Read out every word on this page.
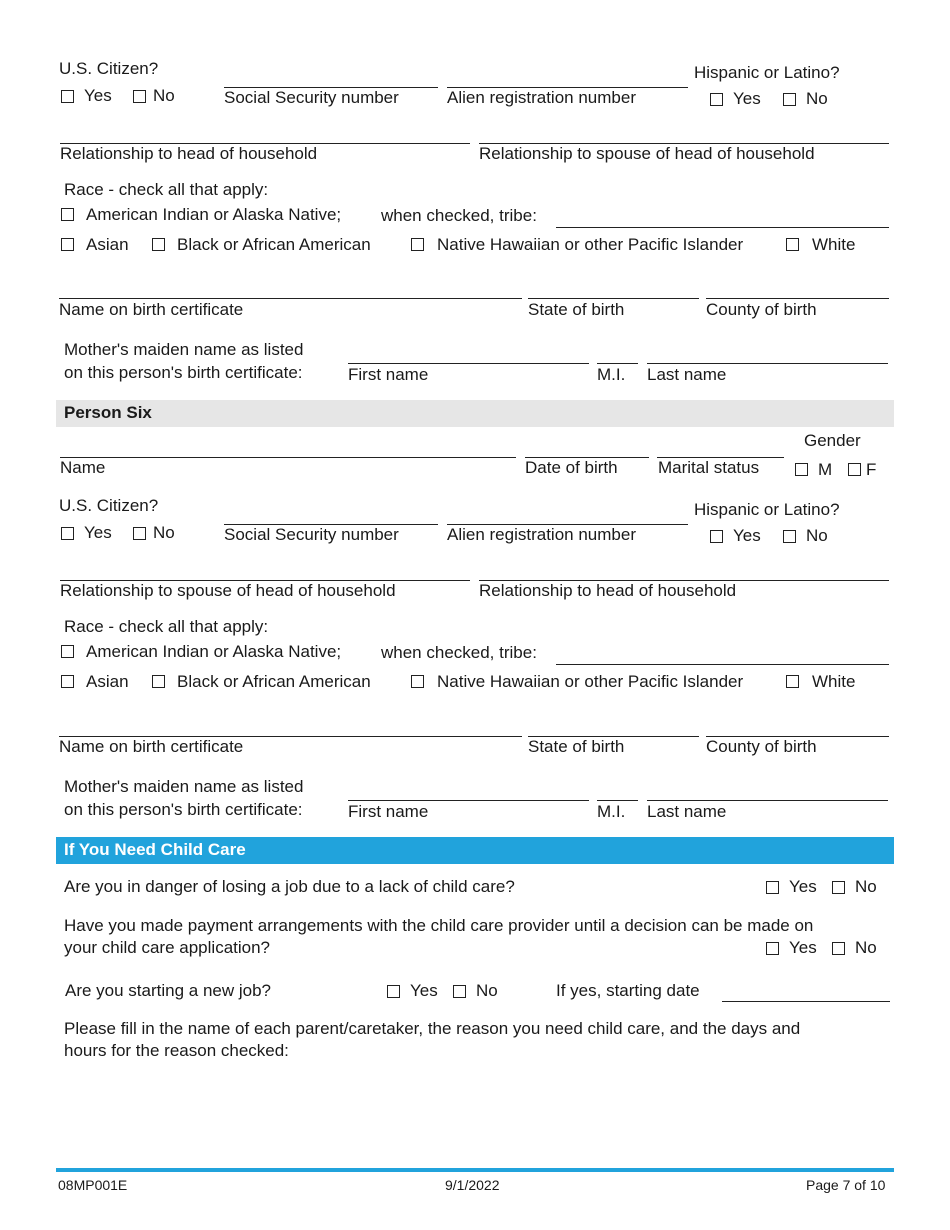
U.S. Citizen?
Yes No	Social Security number	Alien registration number
Hispanic or Latino?
Yes	No
Relationship to head of household	Relationship to spouse of head of household
Race - check all that apply:
American Indian or Alaska Native; when checked, tribe:
Asian	Black or African American	Native Hawaiian or other Pacific Islander	White
Name on birth certificate	State of birth	County of birth
Mother's maiden name as listed
on this person's birth certificate:	First name	M.I. Last name
Person Six
Gender
Name	Date of birth Marital status	M F
U.S. Citizen?
Yes No	Social Security number	Alien registration number
Hispanic or Latino?
Yes	No
Relationship to spouse of head of household	Relationship to head of household
Race - check all that apply:
American Indian or Alaska Native; when checked, tribe:
Asian	Black or African American	Native Hawaiian or other Pacific Islander	White
Name on birth certificate	State of birth	County of birth
Mother's maiden name as listed
on this person's birth certificate:	First name	M.I. Last name
If You Need Child Care
Are you in danger of losing a job due to a lack of child care?	Yes No
Have you made payment arrangements with the child care provider until a decision can be made on
your child care application?	Yes No
Are you starting a new job?	Yes No	If yes, starting date
Please fill in the name of each parent/caretaker, the reason you need child care, and the days and
hours for the reason checked:
08MP001E	9/1/2022	Page 7 of 10
